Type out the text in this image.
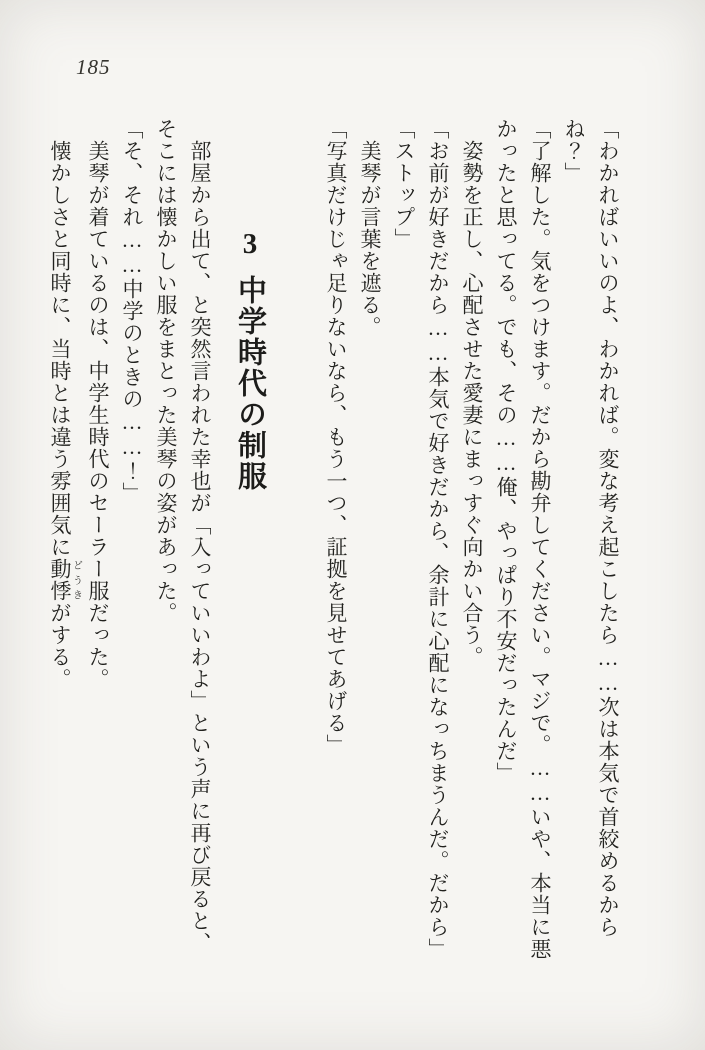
185

「わかればいいのよ、わかれば。変な考え起こしたら……次は本気で首絞めるから

ね？」

「了解した。気をつけます。だから勘弁してください。マジで。……いや、本当に悪

かったと思ってる。でも、その……俺、やっぱり不安だったんだ」

姿勢を正し、心配させた愛妻にまっすぐ向かい合う。

「お前が好きだから……本気で好きだから、余計に心配になっちまうんだ。だから」

「ストップ」

美琴が言葉を遮る。

「写真だけじゃ足りないなら、もう一つ、証拠を見せてあげる」

3中学時代の制服

部屋から出て、と突然言われた幸也が「入っていいわよ」という声に再び戻ると、

そこには懐かしい服をまとった美琴の姿があった。

「そ、それ……中学のときの……！」

美琴が着ているのは、中学生時代のセーラー服だった。

懐かしさと同時に、当時とは違う雰囲気に動悸どうきがする。
